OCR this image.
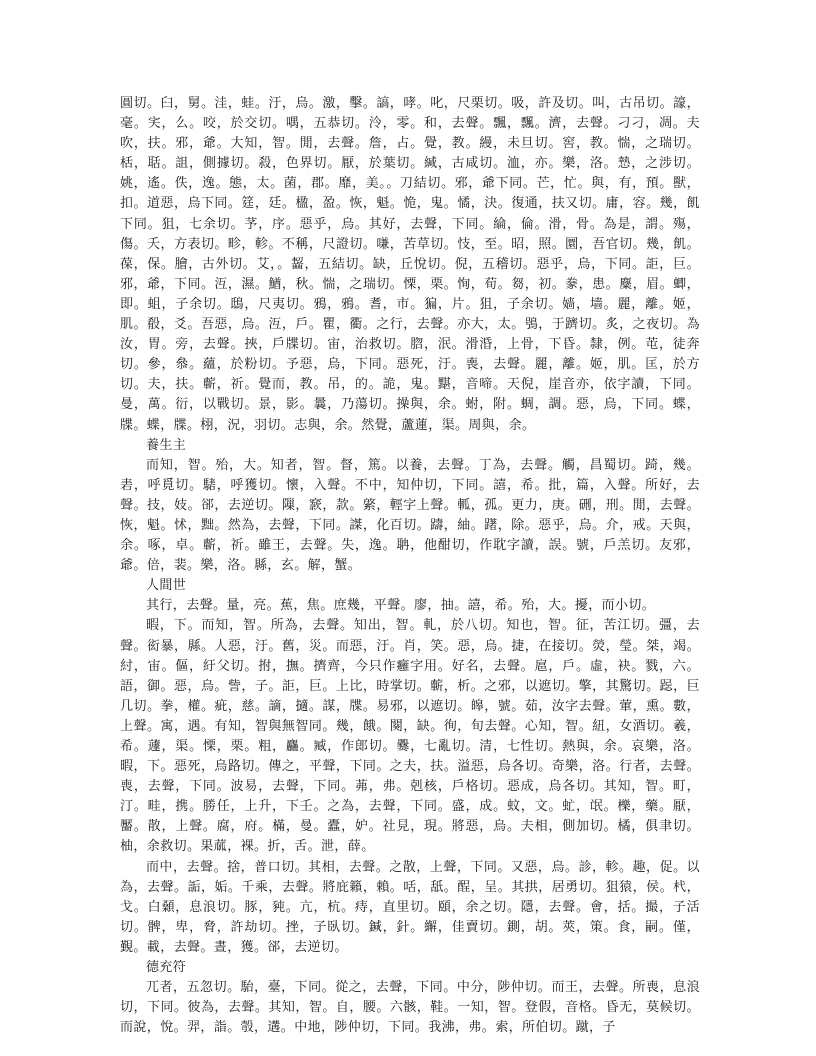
圓切。臼，舅。洼，蛙。汙，烏。激，擊。謞，哮。叱，尺栗切。吸，許及切。叫，古吊切。譹，毫。宎，么。咬，於交切。喁，五恭切。泠，零。和，去聲。飄，飄。濟，去聲。刁刁，凋。夫吹，扶。邪，爺。大知，智。閒，去聲。詹，占。覺，教。縵，未旦切。窖，教。惴，之瑞切。栝，聒。詛，側據切。殺，色界切。厭，於葉切。緘，古咸切。洫，亦。樂，洛。慹，之涉切。姚，遙。佚，逸。態，太。菌，郡。靡，美。。刀結切。邪，爺下同。芒，忙。與，有，預。獸，扣。道惡，烏下同。筳，廷。楹，盈。恢，魁。恑，鬼。憰，決。復通，扶又切。庸，容。幾，飢下同。狙，七余切。芧，序。惡乎，烏。其好，去聲，下同。綸，倫。滑，骨。為是，謂。殤，傷。夭，方表切。畛，軫。不稱，尺證切。嗛，苦草切。忮，至。昭，照。圜，吾官切。幾，飢。葆，保。膾，古外切。艾，。齧，五結切。缺，丘悅切。倪，五稽切。惡乎，烏，下同。詎，巨。邪，爺，下同。沍，濕。鰌，秋。惴，之瑞切。慄，栗。恂，荀。芻，初。豢，患。麋，眉。蝍，即。蛆，子余切。鴟，尺夷切。鴉，鴉。耆，市。猵，片。狙，子余切。嫱，墙。麗，離。姬，肌。殽，爻。吾惡，烏。沍，戶。瞿，衢。之行，去聲。亦大，太。鴞，于躋切。炙，之夜切。為汝，胃。旁，去聲。挾，戶牒切。宙，治救切。脗，泯。滑涽，上骨，下昏。隸，例。芚，徒奔切。參，叅。蘊，於粉切。予惡，烏，下同。惡死，汙。喪，去聲。麗，離。姬，肌。匡，於方切。夫，扶。蘄，祈。覺而，教。吊，的。詭，鬼。黮，音啼。天倪，崖音亦，依字讀，下同。曼，萬。衍，以戰切。景，影。曩，乃蕩切。操與，余。蚹，附。蜩，調。惡，烏，下同。蝶，牒。蝶，牒。栩，況，羽切。志與，余。然覺，蘆蓮，渠。周與，余。

養生主

而知，智。殆，大。知者，智。督，篤。以養，去聲。丁為，去聲。觸，昌蜀切。踦，幾。砉，呼覓切。騞，呼獲切。懷，入聲。不中，知仲切，下同。譆，希。批，篇，入聲。所好，去聲。技，妓。郤，去逆切。隟，窾，款。綮，輕字上聲。軱，孤。更力，庚。硎，刑。閒，去聲。恢，魁。怵，黜。然為，去聲，下同。謋，化百切。躊，紬。躇，除。惡乎，烏。介，戒。天與，余。啄，卓。蘄，祈。雖王，去聲。失，逸。聃，他酣切，作耽字讀，誤。號，戶羔切。友邪，爺。倍，裴。樂，洛。縣，玄。解，蟹。

人間世

其行，去聲。量，亮。蕉，焦。庶幾，平聲。廖，抽。譆，希。殆，大。擾，而小切。

暇，下。而知，智。所為，去聲。知出，智。軋，於八切。知也，智。征，苦江切。彊，去聲。衒暴，縣。人惡，汙。舊，災。而惡，汙。肖，笑。惡，烏。捷，在接切。熒，瑩。桀，竭。紂，宙。傴，紆父切。拊，撫。擠齊，今只作癰字用。好名，去聲。扈，戶。虛，袂。戮，六。語，御。惡，烏。訾，子。詎，巨。上比，時掌切。蘄，析。之邪，以遮切。擎，其驚切。跽，巨几切。拳，權。疵，慈。謫，擿。謀，牒。易邪，以遮切。皞，號。茹，汝字去聲。葷，熏。數，上聲。寓，遇。有知，智與無智同。幾，餓。闋，缺。徇，旬去聲。心知，智。紐，女酒切。羲，希。蘧，渠。慄，栗。粗，麤。臧，作郎切。爨，七亂切。清，七性切。熱與，余。哀樂，洛。暇，下。惡死，烏路切。傳之，平聲，下同。之夫，扶。溢惡，烏各切。奇樂，洛。行者，去聲。喪，去聲，下同。波易，去聲，下同。茀，弗。剋核，戶格切。惡成，烏各切。其知，智。町，汀。畦，携。勝任，上升，下壬。之為，去聲，下同。盛，成。蚊，文。虻，氓。櫟，藥。厭，靨。散，上聲。腐，府。樠，曼。蠹，妒。社見，現。將惡，烏。夫相，側加切。橘，俱聿切。柚，余救切。果蓏，裸。折，舌。泄，薛。

而中，去聲。捨，普口切。其相，去聲。之散，上聲，下同。又惡，烏。診，軫。趣，促。以為，去聲。詬，姤。千乘，去聲。將庇籟，賴。咶，舐。酲，呈。其拱，居勇切。狙猿，侯。杙，戈。白顙，息浪切。豚，豘。亢，杭。痔，直里切。頤，余之切。隱，去聲。會，括。撮，子活切。髀，卑，脅，許劫切。挫，子臥切。鍼，針。繲，佳賣切。鍘，胡。莢，策。食，嗣。僅，覲。載，去聲。晝，獲。郤，去逆切。

德充符

兀者，五忽切。駘，臺，下同。從之，去聲，下同。中分，陟仲切。而王，去聲。所喪，息浪切，下同。彼為，去聲。其知，智。自，腰。六骸，鞋。一知，智。登假，音格。昏无，莫候切。而說，悅。羿，詣。彀，遘。中地，陟仲切，下同。我沸，弗。索，所伯切。蹴，子
